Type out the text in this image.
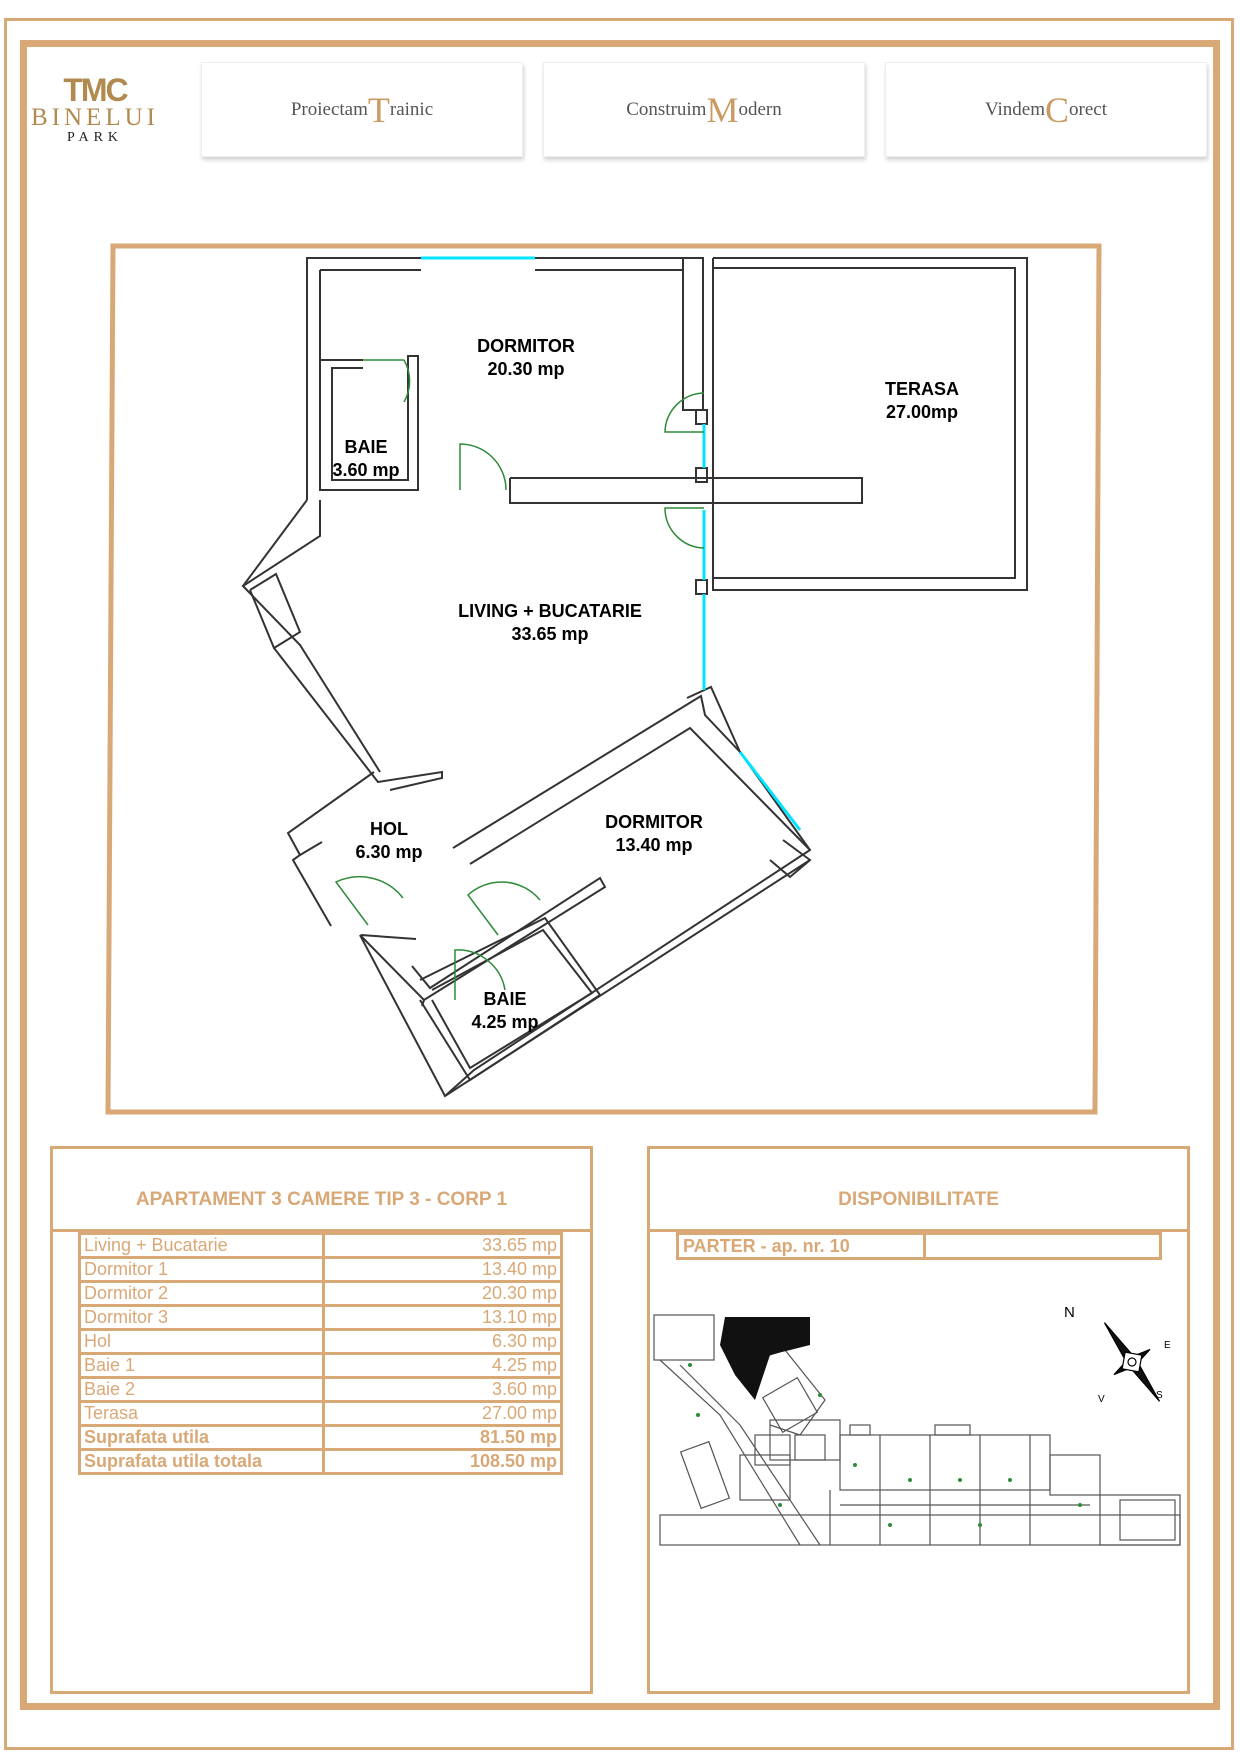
TMC
BINELUI
PARK
Proiectam T rainic	Construim M odern	Vindem C orect
DORMITOR
20.30 mp
TERASA
27.00mp
BAIE
3.60 mp
LIVING + BUCATARIE
33.65 mp
HOL
6.30 mp
DORMITOR
13.40 mp
BAIE
4.25 mp
APARTAMENT 3 CAMERE TIP 3 - CORP 1
Living + Bucatarie	33.65 mp
Dormitor 1	13.40 mp
Dormitor 2	20.30 mp
Dormitor 3	13.10 mp
Hol	6.30 mp
Baie 1	4.25 mp
Baie 2	3.60 mp
Terasa	27.00 mp
Suprafata utila	81.50 mp
Suprafata utila totala	108.50 mp
DISPONIBILITATE
PARTER - ap. nr. 10
N
S
E
V
